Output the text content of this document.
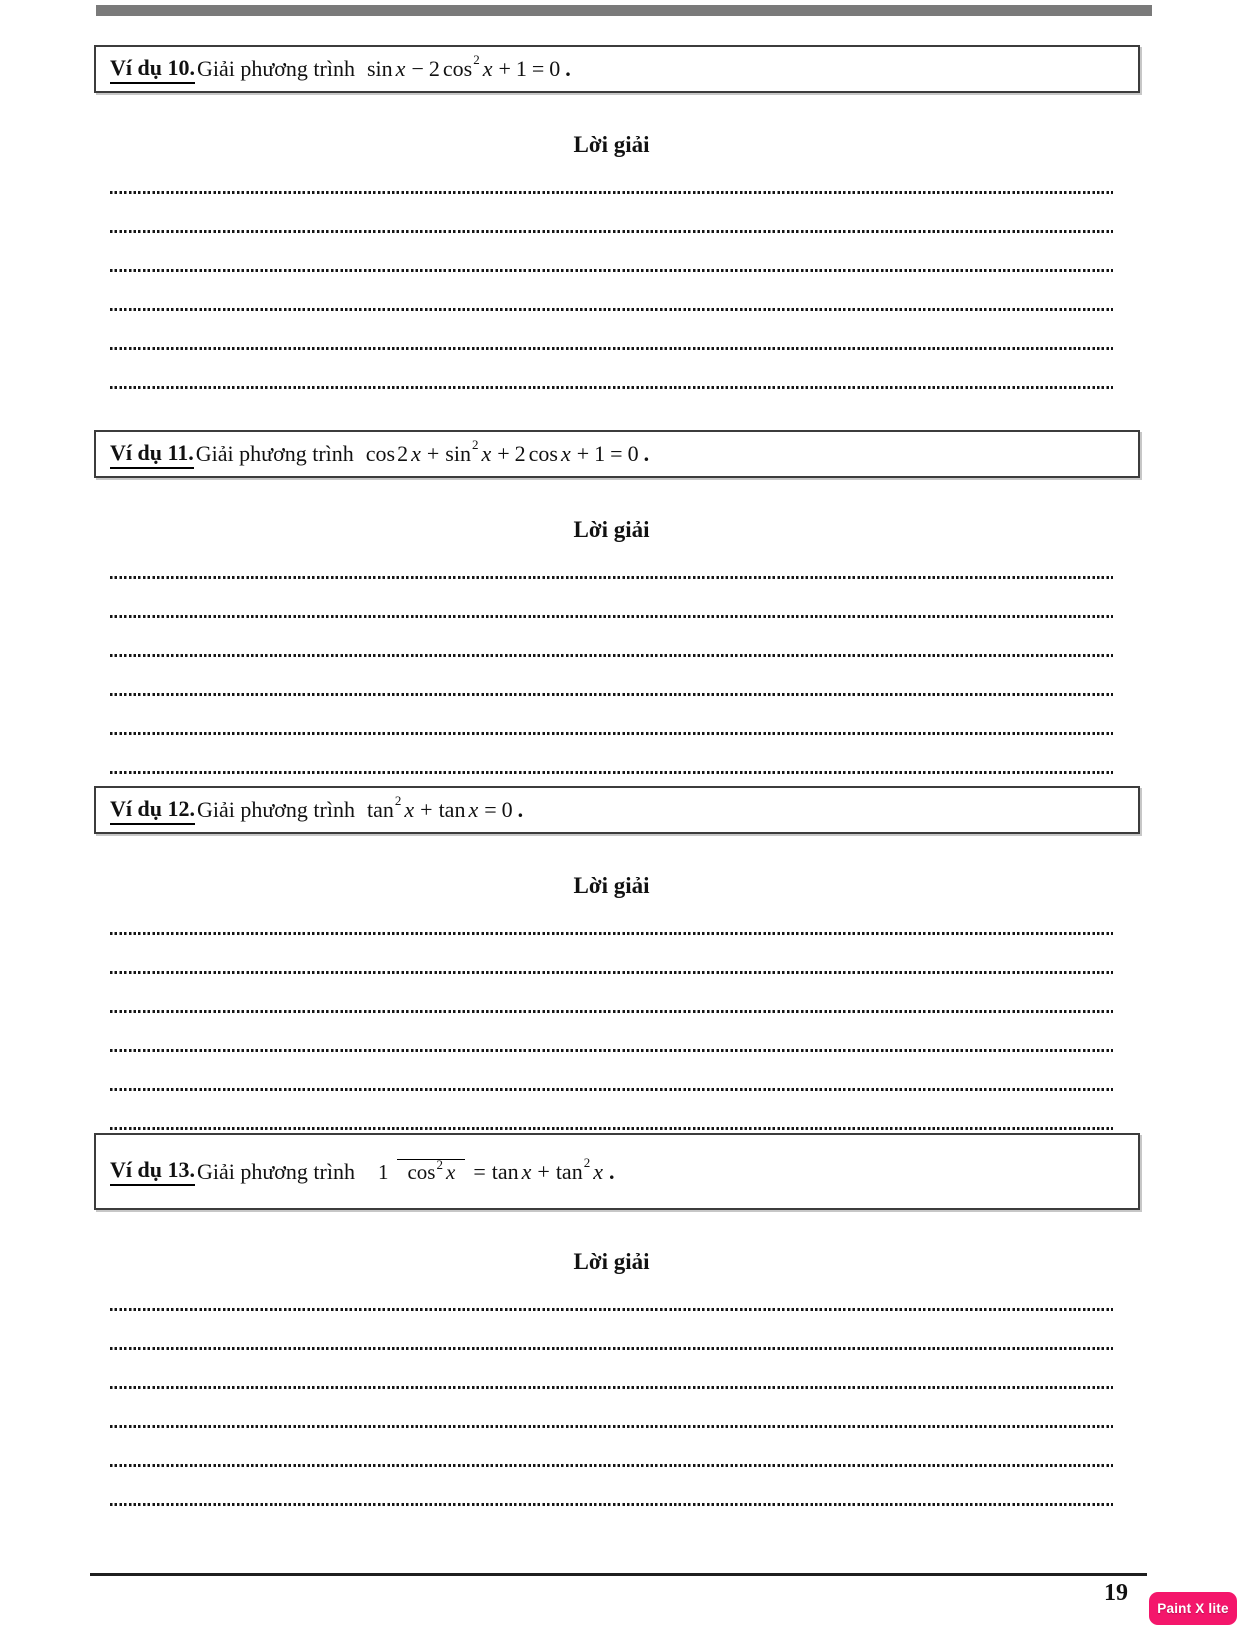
Ví dụ 10. Giải phương trình sin x − 2 cos 2 x + 1 = 0 .
Lời giải
Ví dụ 11. Giải phương trình cos 2 x + sin 2 x + 2 cos x + 1 = 0 .
Lời giải
Ví dụ 12. Giải phương trình tan 2 x + tan x = 0 .
Lời giải
Ví dụ 13. Giải phương trình 1 cos 2 x = tan x + tan 2 x .
Lời giải
19
Paint X lite
